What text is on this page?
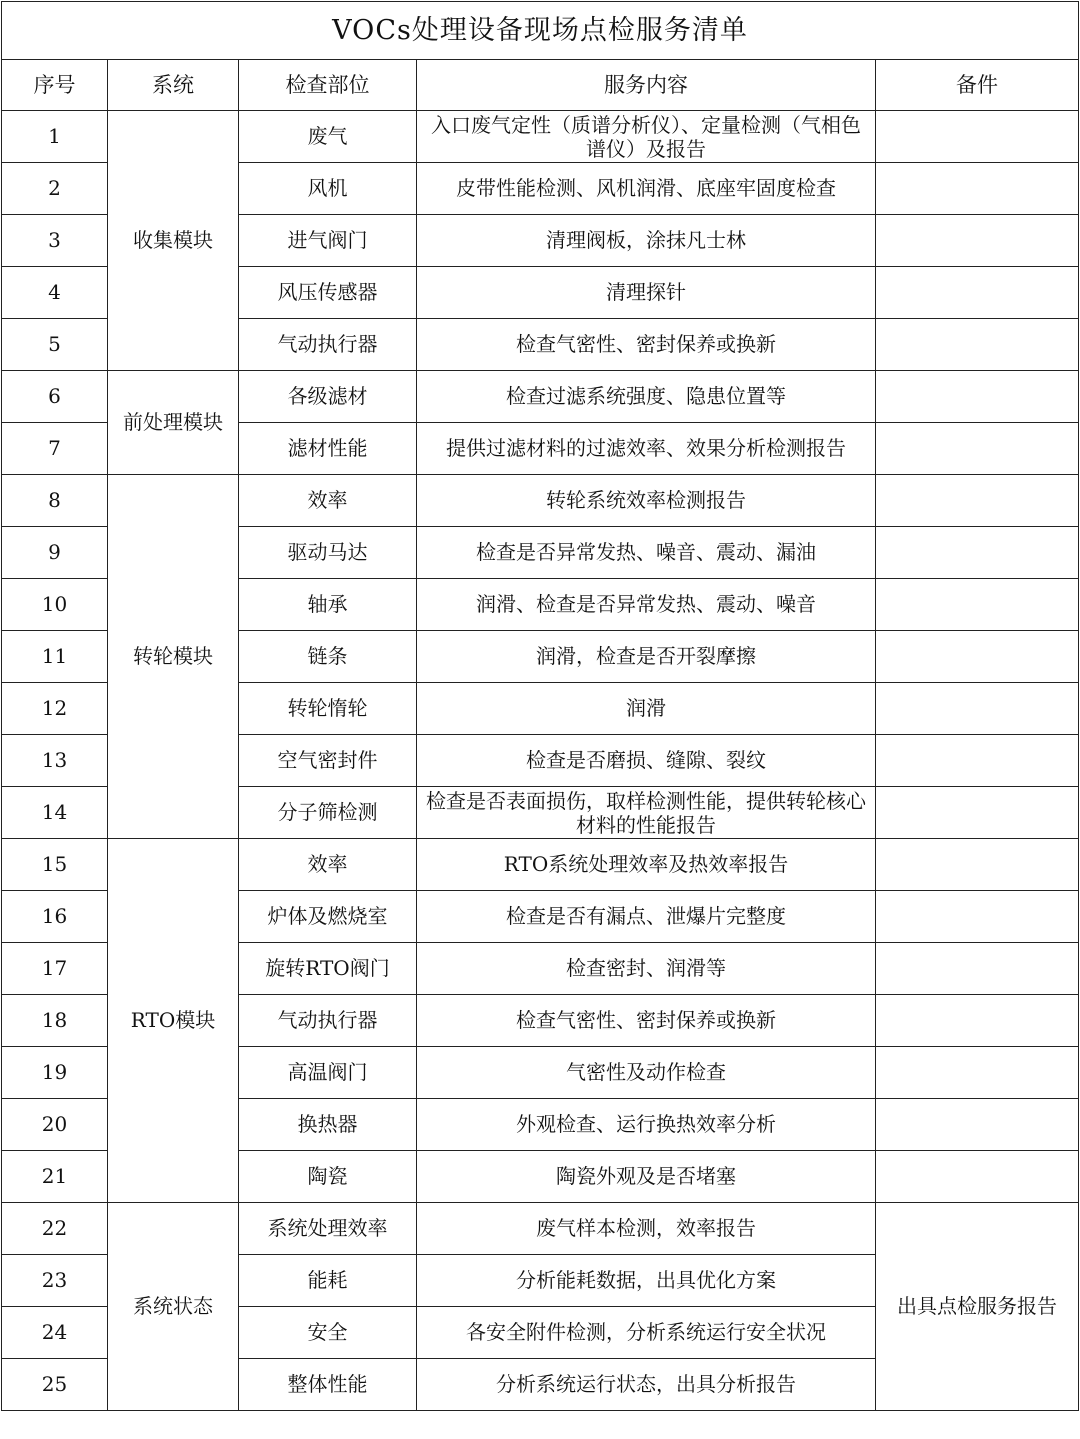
VOCs处理设备现场点检服务清单				
序号	系统	检查部位	服务内容	备件
1	收集模块	废气	入口废气定性（质谱分析仪）、定量检测（气相色谱仪）及报告	
2		风机	皮带性能检测、风机润滑、底座牢固度检查	
3		进气阀门	清理阀板，涂抹凡士林	
4		风压传感器	清理探针	
5		气动执行器	检查气密性、密封保养或换新	
6	前处理模块	各级滤材	检查过滤系统强度、隐患位置等	
7		滤材性能	提供过滤材料的过滤效率、效果分析检测报告	
8	转轮模块	效率	转轮系统效率检测报告	
9		驱动马达	检查是否异常发热、噪音、震动、漏油	
10		轴承	润滑、检查是否异常发热、震动、噪音	
11		链条	润滑，检查是否开裂摩擦	
12		转轮惰轮	润滑	
13		空气密封件	检查是否磨损、缝隙、裂纹	
14		分子筛检测	检查是否表面损伤，取样检测性能，提供转轮核心材料的性能报告	
15	RTO模块	效率	RTO系统处理效率及热效率报告	
16		炉体及燃烧室	检查是否有漏点、泄爆片完整度	
17		旋转RTO阀门	检查密封、润滑等	
18		气动执行器	检查气密性、密封保养或换新	
19		高温阀门	气密性及动作检查	
20		换热器	外观检查、运行换热效率分析	
21		陶瓷	陶瓷外观及是否堵塞	
22	系统状态	系统处理效率	废气样本检测，效率报告	出具点检服务报告
23		能耗	分析能耗数据，出具优化方案	
24		安全	各安全附件检测，分析系统运行安全状况	
25		整体性能	分析系统运行状态，出具分析报告	
